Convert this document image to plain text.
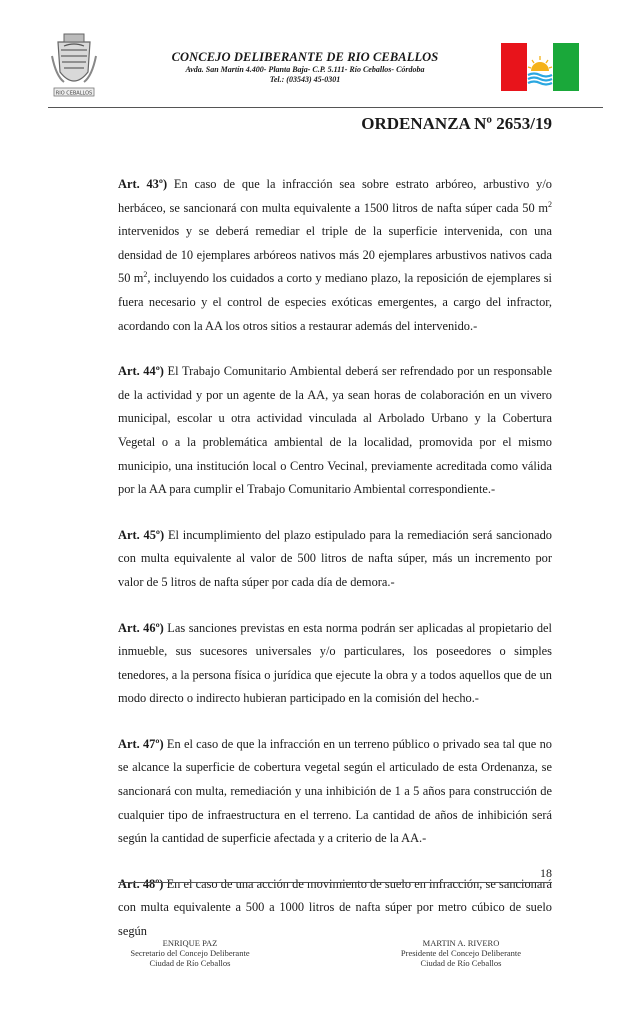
RIO CEBALLOS
CONCEJO DELIBERANTE DE RIO CEBALLOS
Avda. San Martín 4.400- Planta Baja- C.P. 5.111- Río Ceballos- Córdoba
Tel.: (03543) 45-0301
ORDENANZA Nº 2653/19

Art. 43º) En caso de que la infracción sea sobre estrato arbóreo, arbustivo y/o herbáceo, se sancionará con multa equivalente a 1500 litros de nafta súper cada 50 $m^2$ intervenidos y se deberá remediar el triple de la superficie intervenida, con una densidad de 10 ejemplares arbóreos nativos más 20 ejemplares arbustivos nativos cada 50 $m^2$, incluyendo los cuidados a corto y mediano plazo, la reposición de ejemplares si fuera necesario y el control de especies exóticas emergentes, a cargo del infractor, acordando con la AA los otros sitios a restaurar además del intervenido.-

Art. 44º) El Trabajo Comunitario Ambiental deberá ser refrendado por un responsable de la actividad y por un agente de la AA, ya sean horas de colaboración en un vivero municipal, escolar u otra actividad vinculada al Arbolado Urbano y la Cobertura Vegetal o a la problemática ambiental de la localidad, promovida por el mismo municipio, una institución local o Centro Vecinal, previamente acreditada como válida por la AA para cumplir el Trabajo Comunitario Ambiental correspondiente.-

Art. 45º) El incumplimiento del plazo estipulado para la remediación será sancionado con multa equivalente al valor de 500 litros de nafta súper, más un incremento por valor de 5 litros de nafta súper por cada día de demora.-

Art. 46º) Las sanciones previstas en esta norma podrán ser aplicadas al propietario del inmueble, sus sucesores universales y/o particulares, los poseedores o simples tenedores, a la persona física o jurídica que ejecute la obra y a todos aquellos que de un modo directo o indirecto hubieran participado en la comisión del hecho.-

Art. 47º) En el caso de que la infracción en un terreno público o privado sea tal que no se alcance la superficie de cobertura vegetal según el articulado de esta Ordenanza, se sancionará con multa, remediación y una inhibición de 1 a 5 años para construcción de cualquier tipo de infraestructura en el terreno. La cantidad de años de inhibición será según la cantidad de superficie afectada y a criterio de la AA.-

Art. 48º) En el caso de una acción de movimiento de suelo en infracción, se sancionará con multa equivalente a 500 a 1000 litros de nafta súper por metro cúbico de suelo según

18
ENRIQUE PAZ
Secretario del Concejo Deliberante
Ciudad de Río Ceballos
MARTIN A. RIVERO
Presidente del Concejo Deliberante
Ciudad de Río Ceballos
